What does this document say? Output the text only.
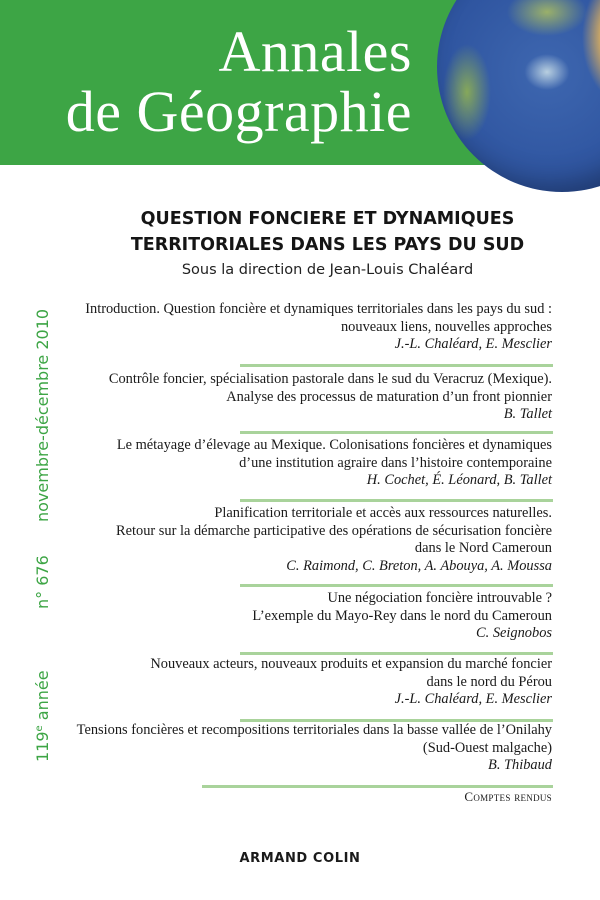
Annales
de Géographie
QUESTION FONCIERE ET DYNAMIQUES
TERRITORIALES DANS LES PAYS DU SUD
Sous la direction de Jean-Louis Chaléard
novembre-décembre 2010
n° 676
119e année
Introduction. Question foncière et dynamiques territoriales dans les pays du sud :
nouveaux liens, nouvelles approches
J.-L. Chaléard, E. Mesclier
Contrôle foncier, spécialisation pastorale dans le sud du Veracruz (Mexique).
Analyse des processus de maturation d’un front pionnier
B. Tallet
Le métayage d’élevage au Mexique. Colonisations foncières et dynamiques
d’une institution agraire dans l’histoire contemporaine
H. Cochet, É. Léonard, B. Tallet
Planification territoriale et accès aux ressources naturelles.
Retour sur la démarche participative des opérations de sécurisation foncière
dans le Nord Cameroun
C. Raimond, C. Breton, A. Abouya, A. Moussa
Une négociation foncière introuvable ?
L’exemple du Mayo-Rey dans le nord du Cameroun
C. Seignobos
Nouveaux acteurs, nouveaux produits et expansion du marché foncier
dans le nord du Pérou
J.-L. Chaléard, E. Mesclier
Tensions foncières et recompositions territoriales dans la basse vallée de l’Onilahy
(Sud-Ouest malgache)
B. Thibaud
Comptes rendus
ARMAND COLIN
